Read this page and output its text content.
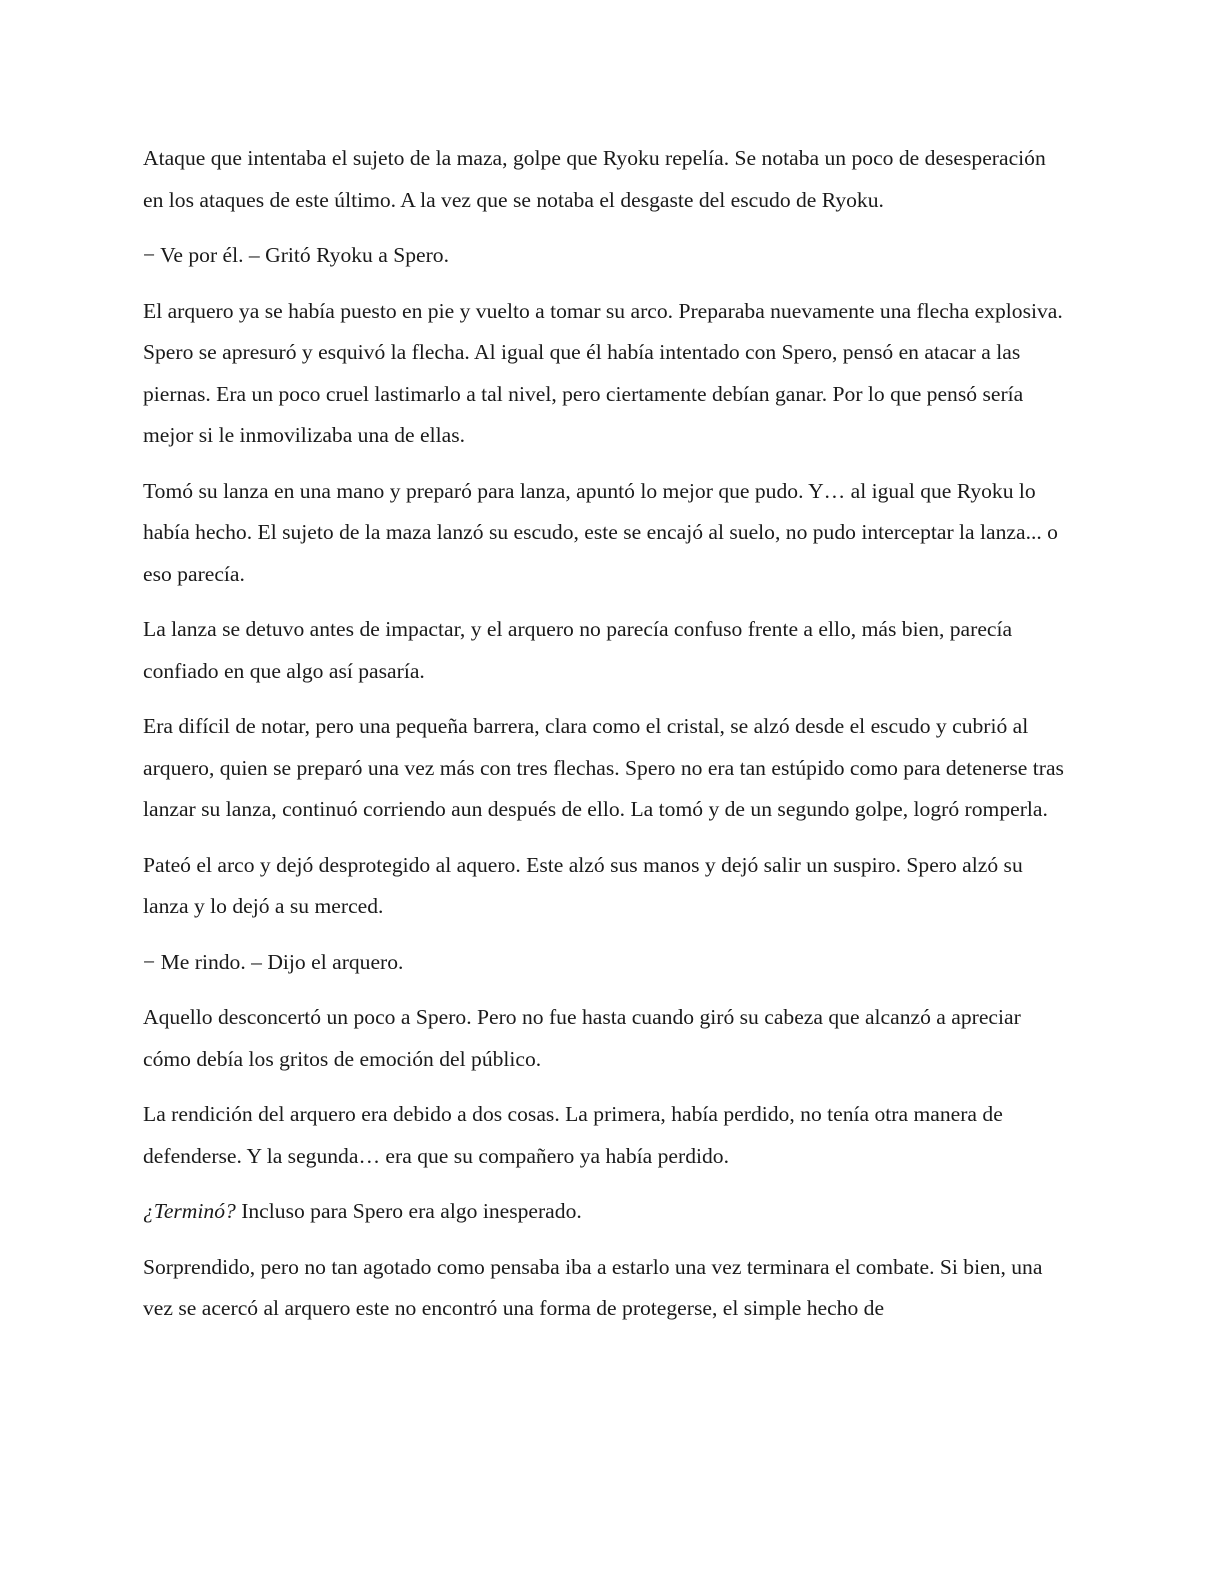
Ataque que intentaba el sujeto de la maza, golpe que Ryoku repelía. Se notaba un poco de desesperación en los ataques de este último. A la vez que se notaba el desgaste del escudo de Ryoku.

− Ve por él. – Gritó Ryoku a Spero.

El arquero ya se había puesto en pie y vuelto a tomar su arco. Preparaba nuevamente una flecha explosiva. Spero se apresuró y esquivó la flecha. Al igual que él había intentado con Spero, pensó en atacar a las piernas. Era un poco cruel lastimarlo a tal nivel, pero ciertamente debían ganar. Por lo que pensó sería mejor si le inmovilizaba una de ellas.

Tomó su lanza en una mano y preparó para lanza, apuntó lo mejor que pudo. Y… al igual que Ryoku lo había hecho. El sujeto de la maza lanzó su escudo, este se encajó al suelo, no pudo interceptar la lanza... o eso parecía.

La lanza se detuvo antes de impactar, y el arquero no parecía confuso frente a ello, más bien, parecía confiado en que algo así pasaría.

Era difícil de notar, pero una pequeña barrera, clara como el cristal, se alzó desde el escudo y cubrió al arquero, quien se preparó una vez más con tres flechas. Spero no era tan estúpido como para detenerse tras lanzar su lanza, continuó corriendo aun después de ello. La tomó y de un segundo golpe, logró romperla.

Pateó el arco y dejó desprotegido al aquero. Este alzó sus manos y dejó salir un suspiro. Spero alzó su lanza y lo dejó a su merced.

− Me rindo. – Dijo el arquero.

Aquello desconcertó un poco a Spero. Pero no fue hasta cuando giró su cabeza que alcanzó a apreciar cómo debía los gritos de emoción del público.

La rendición del arquero era debido a dos cosas. La primera, había perdido, no tenía otra manera de defenderse. Y la segunda… era que su compañero ya había perdido.

¿Terminó? Incluso para Spero era algo inesperado.

Sorprendido, pero no tan agotado como pensaba iba a estarlo una vez terminara el combate. Si bien, una vez se acercó al arquero este no encontró una forma de protegerse, el simple hecho de
